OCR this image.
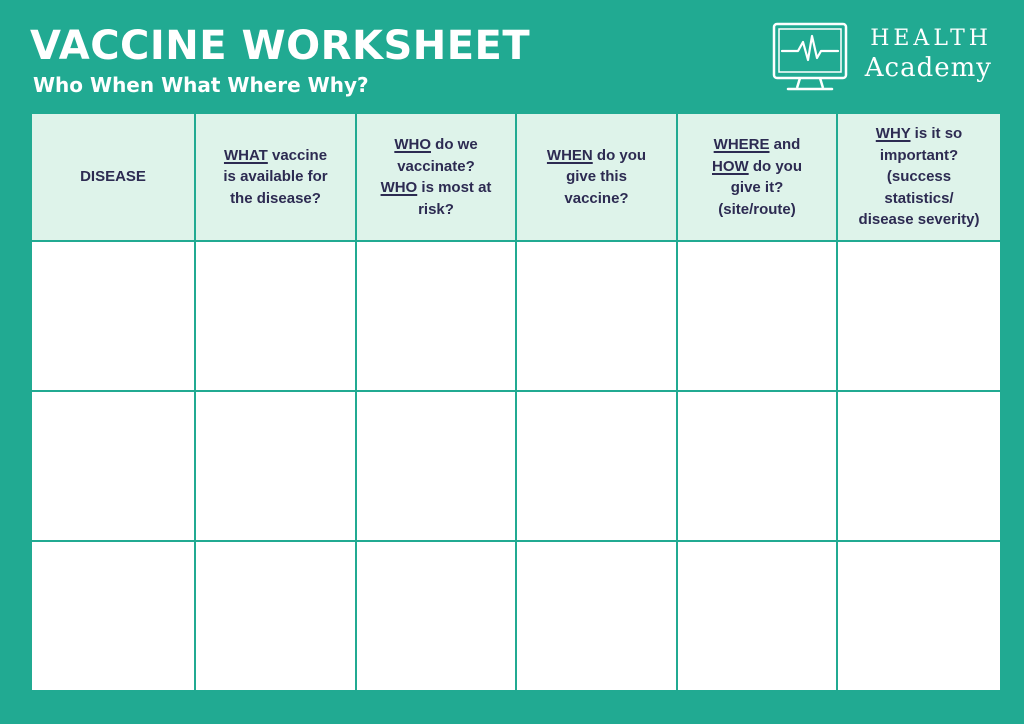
VACCINE WORKSHEET
Who When What Where Why?
HEALTH
Academy
DISEASE	WHAT vaccine
is available for
the disease?	WHO do we
vaccinate?
WHO is most at
risk?	WHEN do you
give this
vaccine?	WHERE and
HOW do you
give it?
(site/route)	WHY is it so
important?
(success
statistics/
disease severity)
